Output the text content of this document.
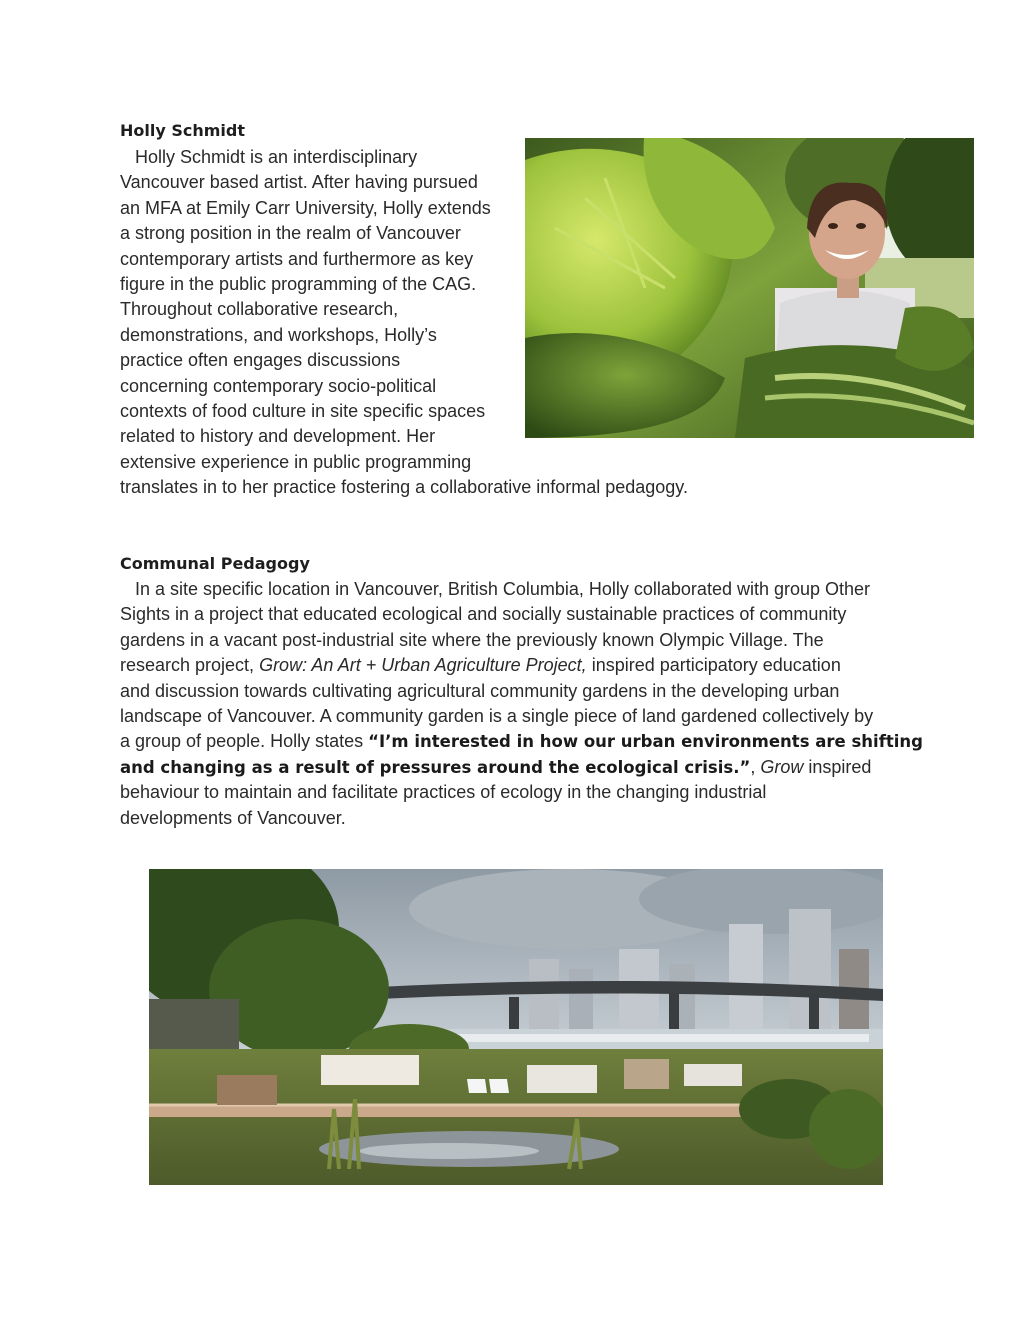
Holly Schmidt

Holly Schmidt is an interdisciplinary
Vancouver based artist. After having pursued
an MFA at Emily Carr University, Holly extends
a strong position in the realm of Vancouver
contemporary artists and furthermore as key
figure in the public programming of the CAG.
Throughout collaborative research,
demonstrations, and workshops, Holly’s
practice often engages discussions
concerning contemporary socio-political
contexts of food culture in site specific spaces
related to history and development. Her
extensive experience in public programming
translates in to her practice fostering a collaborative informal pedagogy.

Communal Pedagogy

In a site specific location in Vancouver, British Columbia, Holly collaborated with group Other
Sights in a project that educated ecological and socially sustainable practices of community
gardens in a vacant post-industrial site where the previously known Olympic Village. The
research project, Grow: An Art + Urban Agriculture Project, inspired participatory education
and discussion towards cultivating agricultural community gardens in the developing urban
landscape of Vancouver. A community garden is a single piece of land gardened collectively by
a group of people. Holly states “I’m interested in how our urban environments are shifting
and changing as a result of pressures around the ecological crisis.”, Grow inspired
behaviour to maintain and facilitate practices of ecology in the changing industrial
developments of Vancouver.
